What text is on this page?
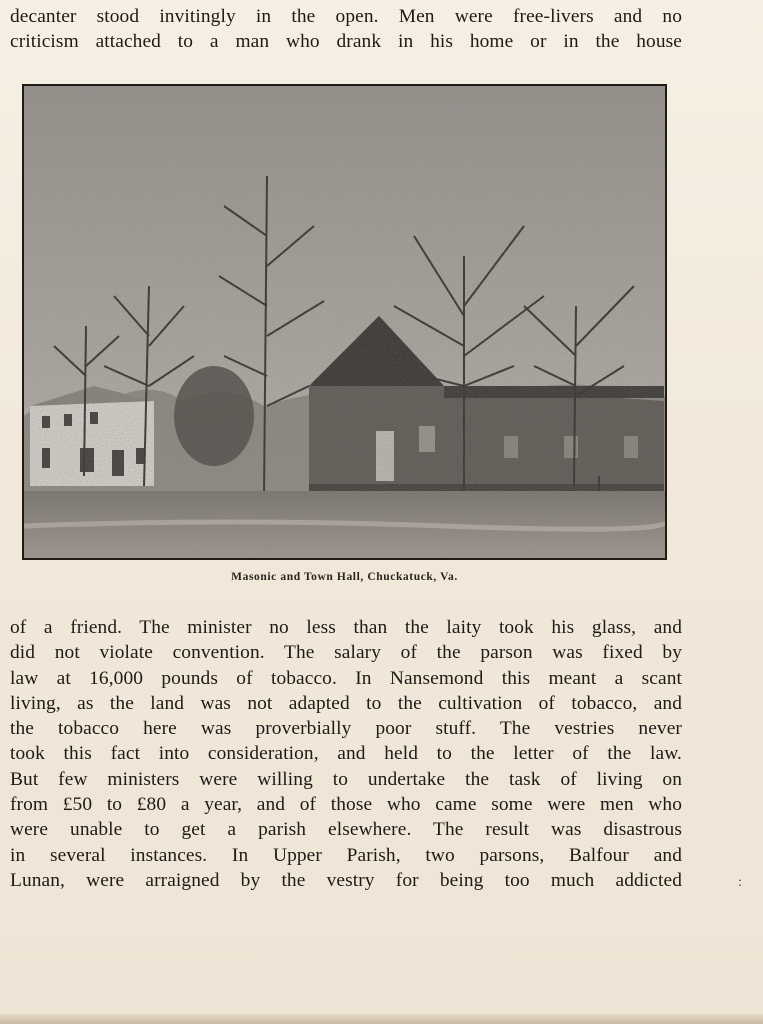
decanter stood invitingly in the open. Men were free-livers and no
criticism attached to a man who drank in his home or in the house
Masonic and Town Hall, Chuckatuck, Va.
of a friend. The minister no less than the laity took his glass, and
did not violate convention. The salary of the parson was fixed by
law at 16,000 pounds of tobacco. In Nansemond this meant a scant
living, as the land was not adapted to the cultivation of tobacco, and
the tobacco here was proverbially poor stuff. The vestries never
took this fact into consideration, and held to the letter of the law.
But few ministers were willing to undertake the task of living on
from £50 to £80 a year, and of those who came some were men who
were unable to get a parish elsewhere. The result was disastrous
in several instances. In Upper Parish, two parsons, Balfour and
Lunan, were arraigned by the vestry for being too much addicted	:
